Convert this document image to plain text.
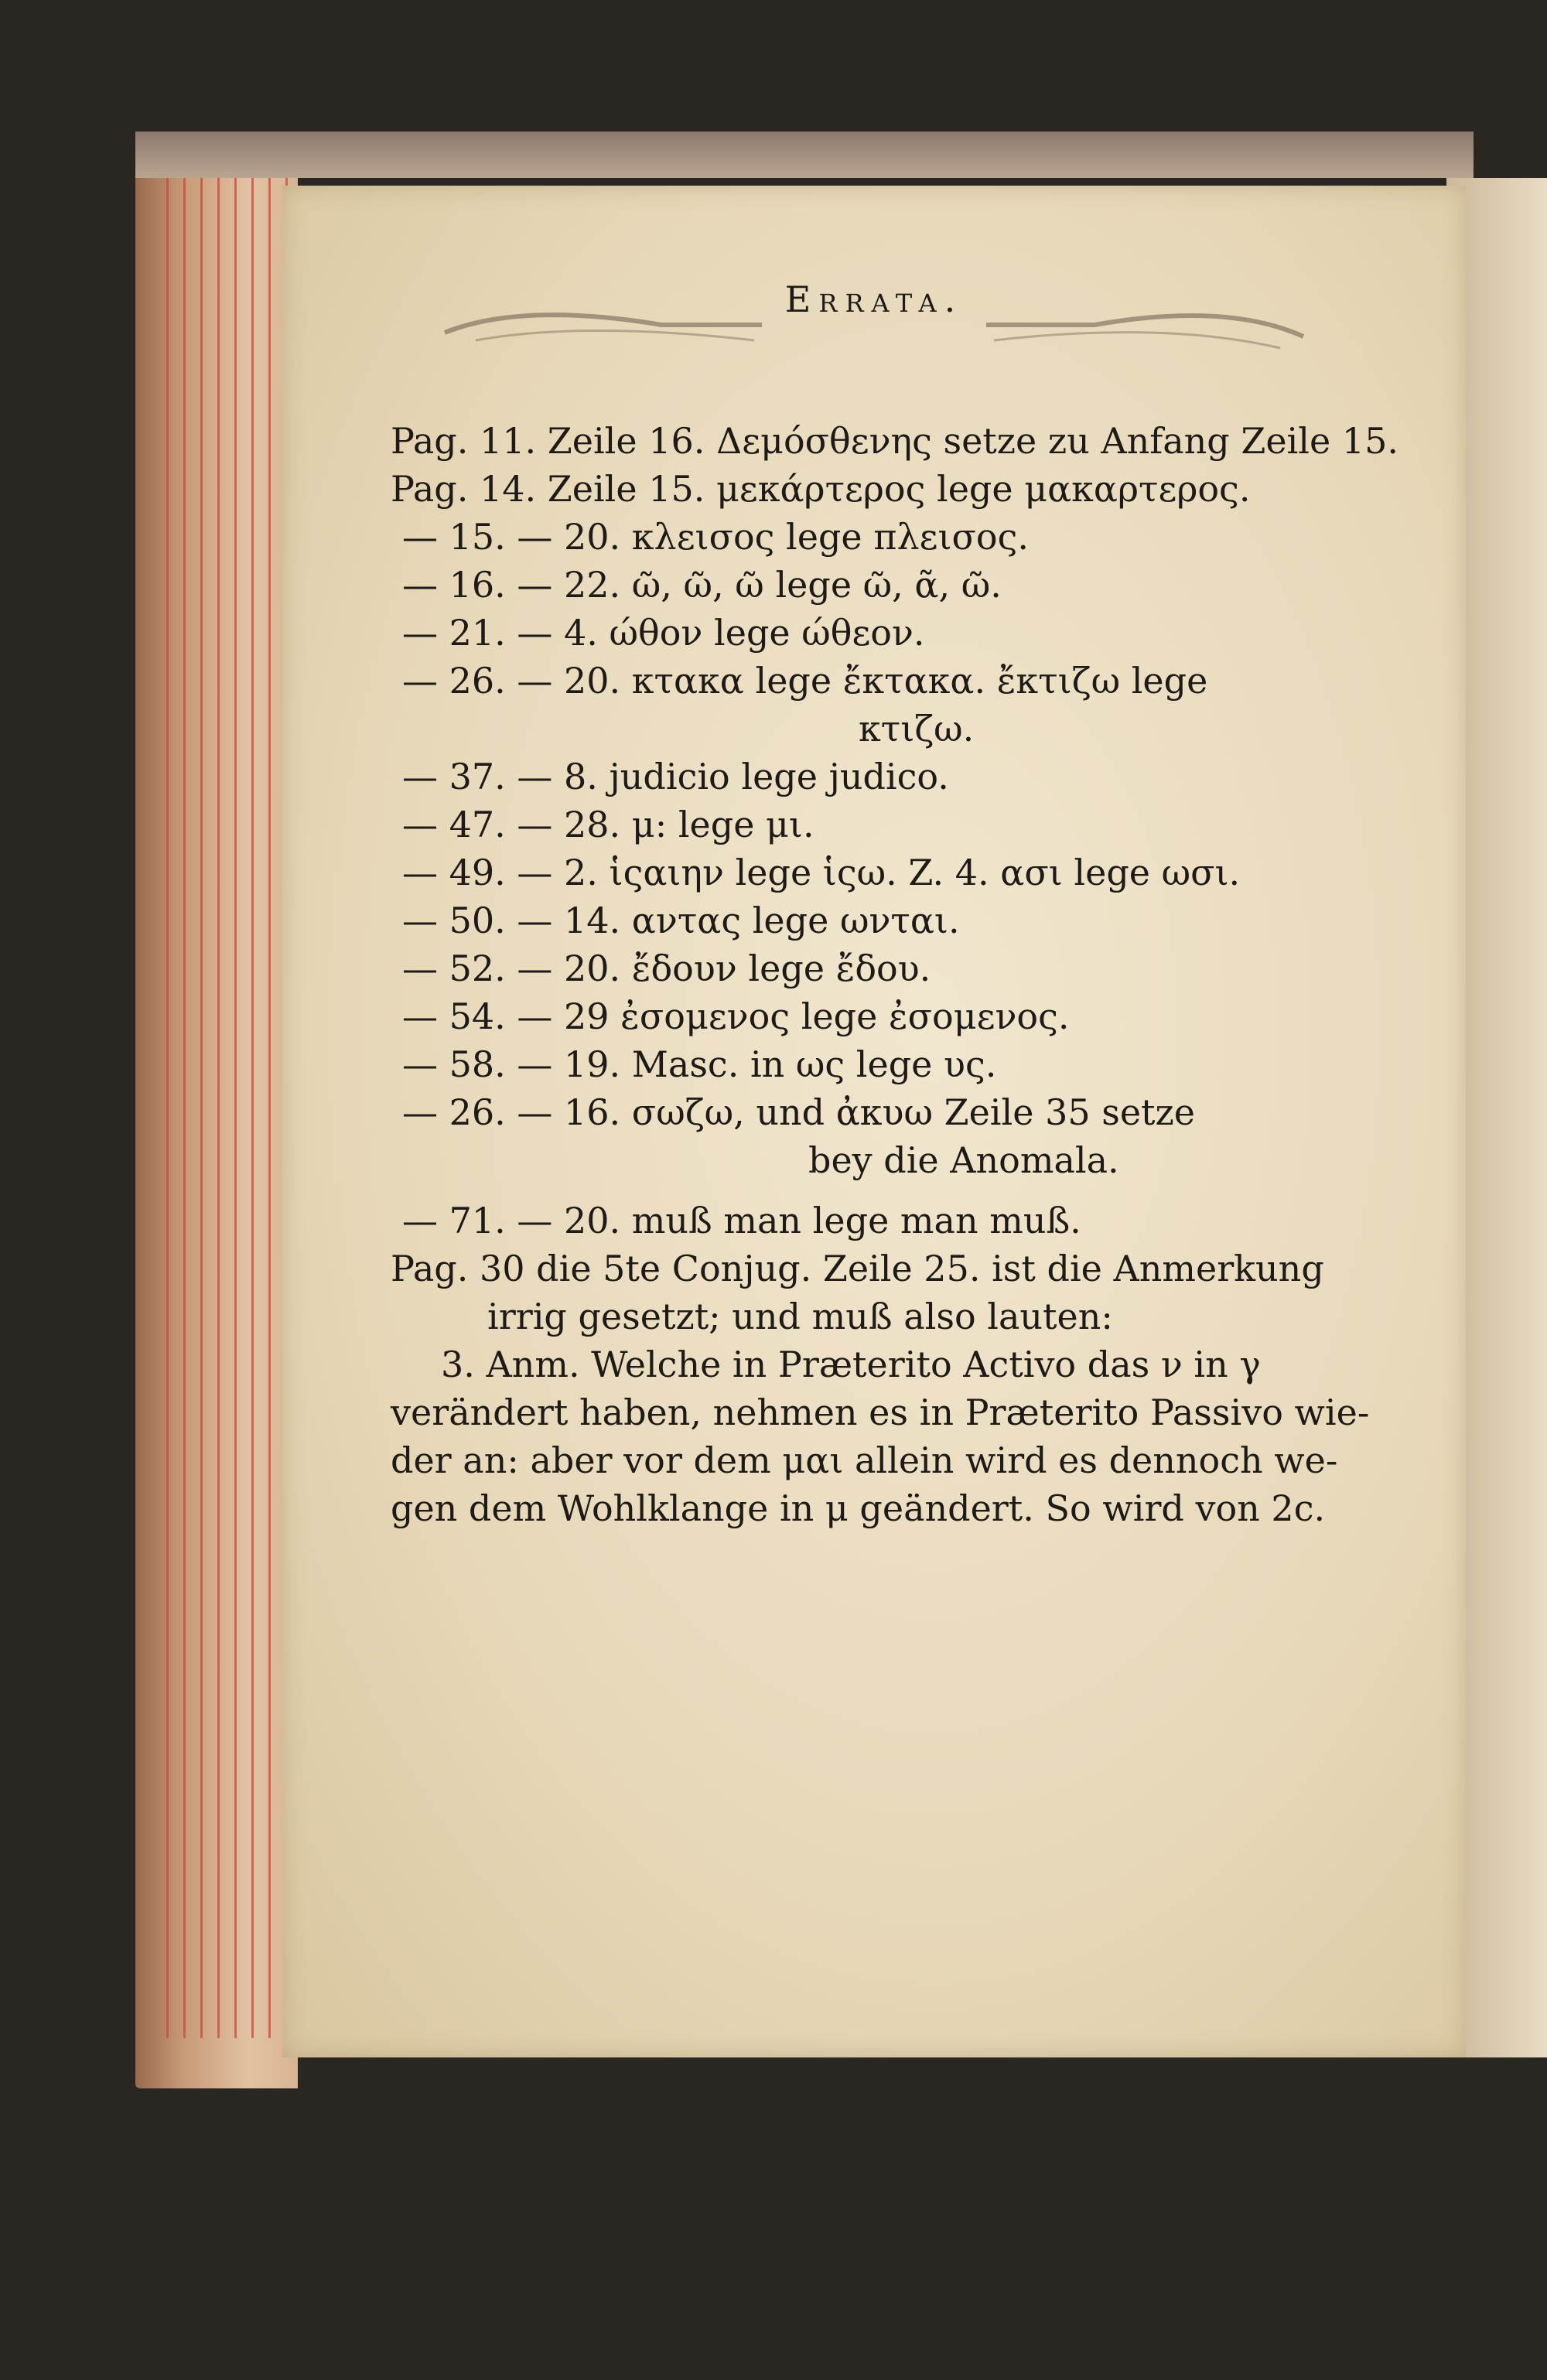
Errata.
Pag. 11. Zeile 16. Δεμόσθενης setze zu Anfang Zeile 15.
Pag. 14. Zeile 15. μεκάρτερος lege μακαρτερος.
— 15. — 20. κλεισος lege πλεισος.
— 16. — 22. ῶ, ῶ, ῶ lege ῶ, ᾶ, ῶ.
— 21. — 4. ώθον lege ώθεον.
— 26. — 20. κτακα lege ἔκτακα. ἔκτιζω lege
κτιζω.
— 37. — 8. judicio lege judico.
— 47. — 28. μ: lege μι.
— 49. — 2. ἱςαιην lege ἱςω. Z. 4. ασι lege ωσι.
— 50. — 14. αντας lege ωνται.
— 52. — 20. ἔδουν lege ἔδου.
— 54. — 29 ἐσομενος lege ἐσομενος.
— 58. — 19. Masc. in ως lege υς.
— 26. — 16. σωζω, und ἀκυω Zeile 35 setze
bey die Anomala.
— 71. — 20. muß man lege man muß.
Pag. 30 die 5te Conjug. Zeile 25. ist die Anmerkung
irrig gesetzt; und muß also lauten:
3. Anm. Welche in Præterito Activo das ν in γ
verändert haben, nehmen es in Præterito Passivo wie-
der an: aber vor dem μαι allein wird es dennoch we-
gen dem Wohlklange in μ geändert. So wird von 2c.
